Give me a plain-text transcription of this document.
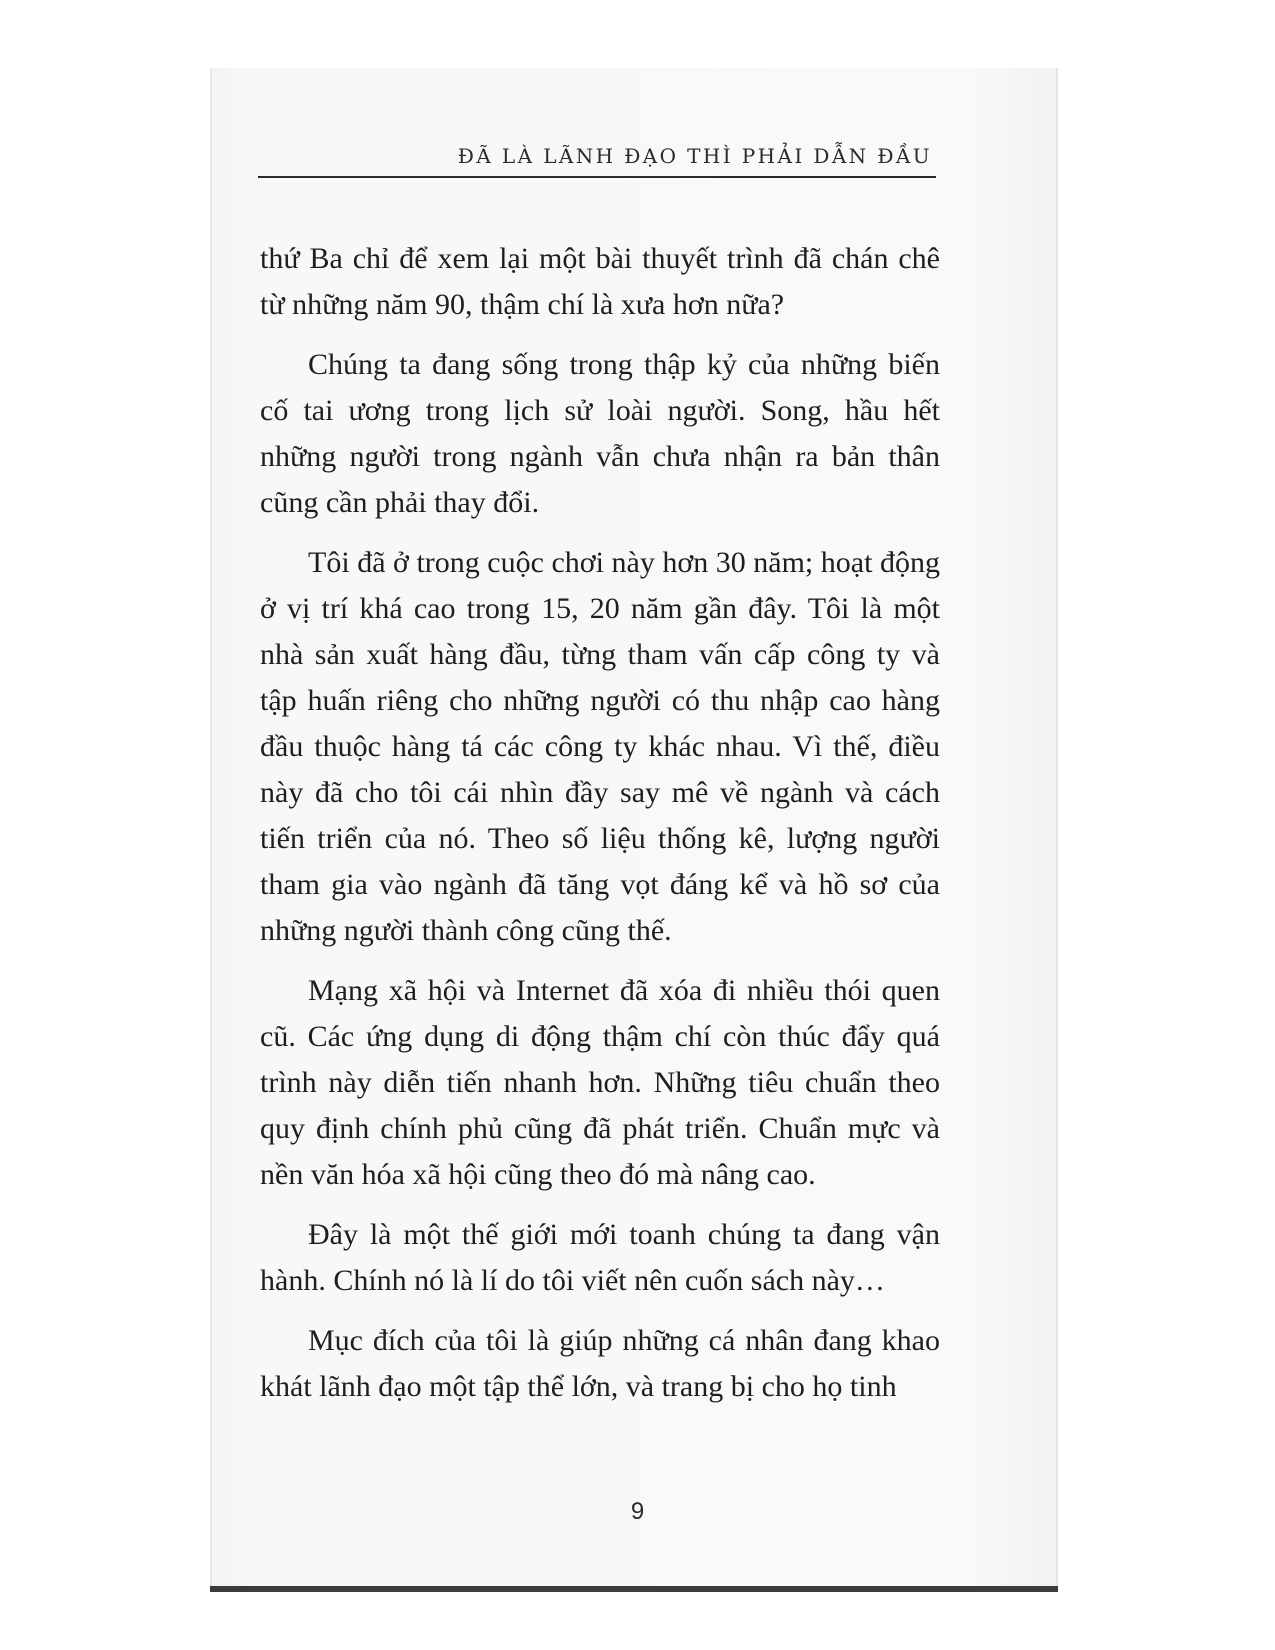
ĐÃ LÀ LÃNH ĐẠO THÌ PHẢI DẪN ĐẦU

thứ Ba chỉ để xem lại một bài thuyết trình đã chán chê từ những năm 90, thậm chí là xưa hơn nữa?

Chúng ta đang sống trong thập kỷ của những biến cố tai ương trong lịch sử loài người. Song, hầu hết những người trong ngành vẫn chưa nhận ra bản thân cũng cần phải thay đổi.

Tôi đã ở trong cuộc chơi này hơn 30 năm; hoạt động ở vị trí khá cao trong 15, 20 năm gần đây. Tôi là một nhà sản xuất hàng đầu, từng tham vấn cấp công ty và tập huấn riêng cho những người có thu nhập cao hàng đầu thuộc hàng tá các công ty khác nhau. Vì thế, điều này đã cho tôi cái nhìn đầy say mê về ngành và cách tiến triển của nó. Theo số liệu thống kê, lượng người tham gia vào ngành đã tăng vọt đáng kể và hồ sơ của những người thành công cũng thế.

Mạng xã hội và Internet đã xóa đi nhiều thói quen cũ. Các ứng dụng di động thậm chí còn thúc đẩy quá trình này diễn tiến nhanh hơn. Những tiêu chuẩn theo quy định chính phủ cũng đã phát triển. Chuẩn mực và nền văn hóa xã hội cũng theo đó mà nâng cao.

Đây là một thế giới mới toanh chúng ta đang vận hành. Chính nó là lí do tôi viết nên cuốn sách này…

Mục đích của tôi là giúp những cá nhân đang khao khát lãnh đạo một tập thể lớn, và trang bị cho họ tinh

9
